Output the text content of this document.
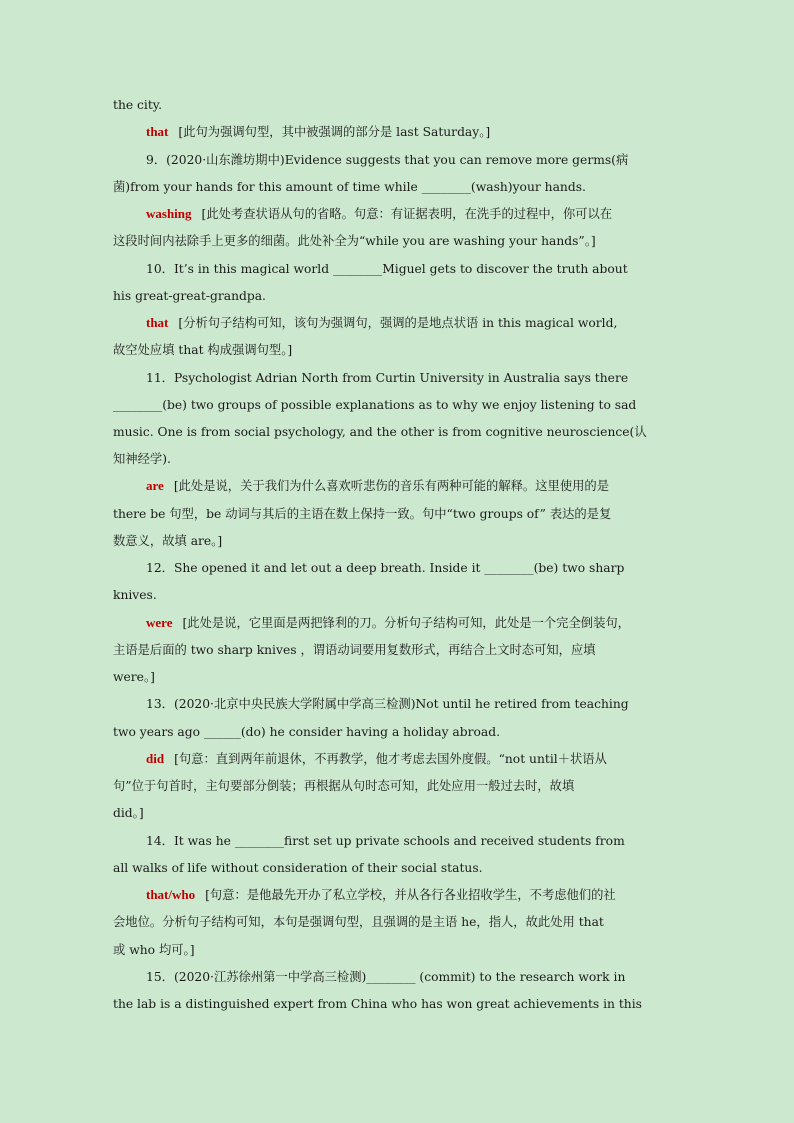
the city.
that [此句为强调句型，其中被强调的部分是 last Saturday。]
9．(2020·山东潍坊期中)Evidence suggests that you can remove more germs(病
菌)from your hands for this amount of time while ________(wash)your hands.
washing [此处考查状语从句的省略。句意：有证据表明，在洗手的过程中，你可以在
这段时间内祛除手上更多的细菌。此处补全为“while you are washing your hands”。]
10．It’s in this magical world ________Miguel gets to discover the truth about
his great-great-grandpa.
that [分析句子结构可知，该句为强调句，强调的是地点状语 in this magical world,
故空处应填 that 构成强调句型。]
11．Psychologist Adrian North from Curtin University in Australia says there
________(be) two groups of possible explanations as to why we enjoy listening to sad
music. One is from social psychology, and the other is from cognitive neuroscience(认
知神经学).
are [此处是说，关于我们为什么喜欢听悲伤的音乐有两种可能的解释。这里使用的是
there be 句型，be 动词与其后的主语在数上保持一致。句中“two groups of” 表达的是复
数意义，故填 are。]
12．She opened it and let out a deep breath. Inside it ________(be) two sharp
knives.
were [此处是说，它里面是两把锋利的刀。分析句子结构可知，此处是一个完全倒装句，
主语是后面的 two sharp knives ，谓语动词要用复数形式，再结合上文时态可知，应填
were。]
13．(2020·北京中央民族大学附属中学高三检测)Not until he retired from teaching
two years ago ______(do) he consider having a holiday abroad.
did [句意：直到两年前退休，不再教学，他才考虑去国外度假。“not until＋状语从
句”位于句首时，主句要部分倒装；再根据从句时态可知，此处应用一般过去时，故填
did。]
14．It was he ________first set up private schools and received students from
all walks of life without consideration of their social status.
that/who [句意：是他最先开办了私立学校，并从各行各业招收学生，不考虑他们的社
会地位。分析句子结构可知，本句是强调句型，且强调的是主语 he，指人，故此处用 that
或 who 均可。]
15．(2020·江苏徐州第一中学高三检测)________ (commit) to the research work in
the lab is a distinguished expert from China who has won great achievements in this
